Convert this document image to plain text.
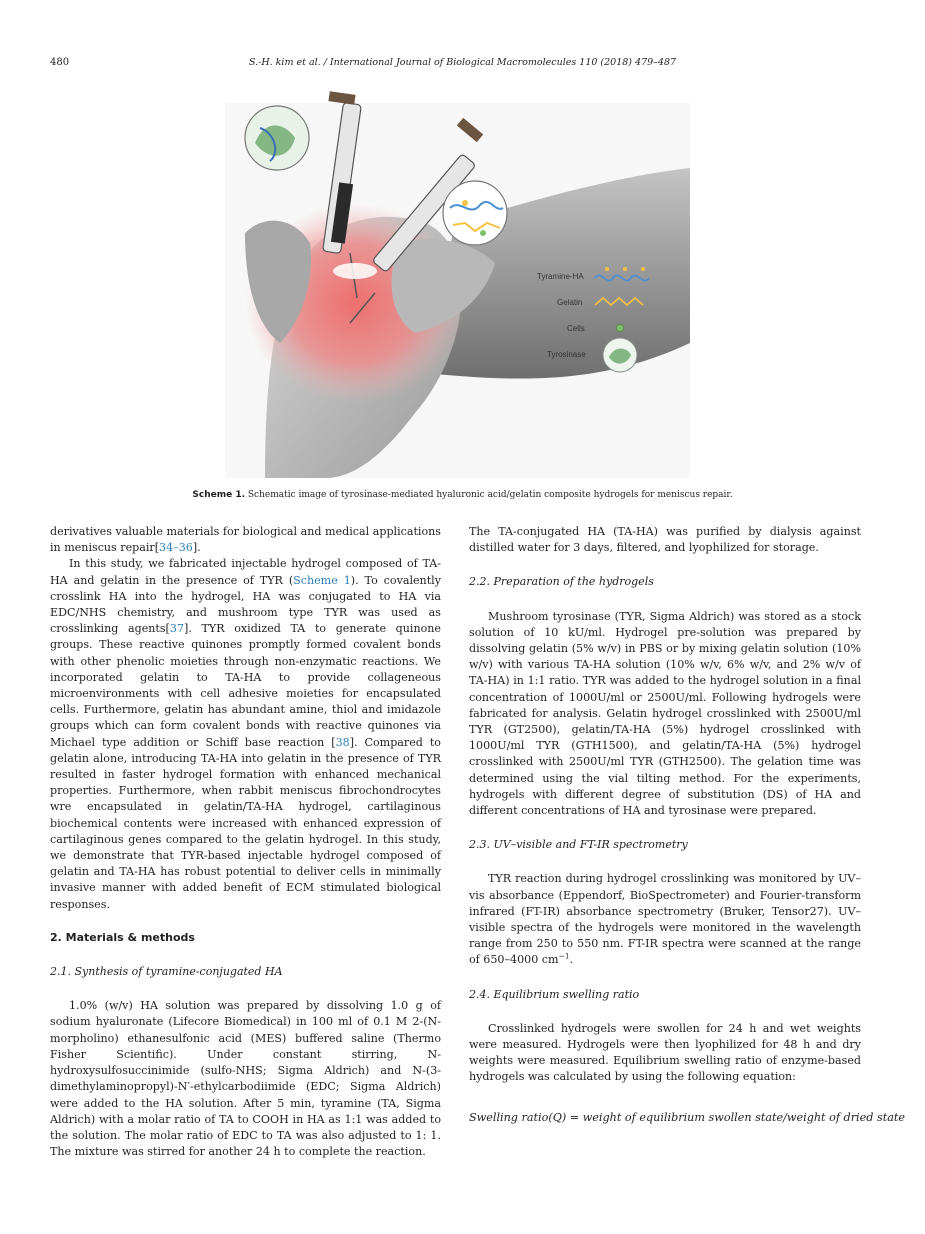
480	S.-H. kim et al. / International Journal of Biological Macromolecules 110 (2018) 479–487
Tyramine-HA
Gelatin
Cells
Tyrosinase
Scheme 1. Schematic image of tyrosinase-mediated hyaluronic acid/gelatin composite hydrogels for meniscus repair.

derivatives valuable materials for biological and medical applications in meniscus repair[34–36].

In this study, we fabricated injectable hydrogel composed of TA-HA and gelatin in the presence of TYR (Scheme 1). To covalently crosslink HA into the hydrogel, HA was conjugated to HA via EDC/NHS chemistry, and mushroom type TYR was used as crosslinking agents[37]. TYR oxidized TA to generate quinone groups. These reactive quinones promptly formed covalent bonds with other phenolic moieties through non-enzymatic reactions. We incorporated gelatin to TA-HA to provide collageneous microenvironments with cell adhesive moieties for encapsulated cells. Furthermore, gelatin has abundant amine, thiol and imidazole groups which can form covalent bonds with reactive quinones via Michael type addition or Schiff base reaction [38]. Compared to gelatin alone, introducing TA-HA into gelatin in the presence of TYR resulted in faster hydrogel formation with enhanced mechanical properties. Furthermore, when rabbit meniscus fibrochondrocytes wre encapsulated in gelatin/TA-HA hydrogel, cartilaginous biochemical contents were increased with enhanced expression of cartilaginous genes compared to the gelatin hydrogel. In this study, we demonstrate that TYR-based injectable hydrogel composed of gelatin and TA-HA has robust potential to deliver cells in minimally invasive manner with added benefit of ECM stimulated biological responses.

2. Materials & methods
2.1. Synthesis of tyramine-conjugated HA

1.0% (w/v) HA solution was prepared by dissolving 1.0 g of sodium hyaluronate (Lifecore Biomedical) in 100 ml of 0.1 M 2-(N-morpholino) ethanesulfonic acid (MES) buffered saline (Thermo Fisher Scientific). Under constant stirring, N-hydroxysulfosuccinimide (sulfo-NHS; Sigma Aldrich) and N-(3-dimethylaminopropyl)-N′-ethylcarbodiimide (EDC; Sigma Aldrich) were added to the HA solution. After 5 min, tyramine (TA, Sigma Aldrich) with a molar ratio of TA to COOH in HA as 1:1 was added to the solution. The molar ratio of EDC to TA was also adjusted to 1: 1. The mixture was stirred for another 24 h to complete the reaction.

The TA-conjugated HA (TA-HA) was purified by dialysis against distilled water for 3 days, filtered, and lyophilized for storage.

2.2. Preparation of the hydrogels

Mushroom tyrosinase (TYR, Sigma Aldrich) was stored as a stock solution of 10 kU/ml. Hydrogel pre-solution was prepared by dissolving gelatin (5% w/v) in PBS or by mixing gelatin solution (10% w/v) with various TA-HA solution (10% w/v, 6% w/v, and 2% w/v of TA-HA) in 1:1 ratio. TYR was added to the hydrogel solution in a final concentration of 1000U/ml or 2500U/ml. Following hydrogels were fabricated for analysis. Gelatin hydrogel crosslinked with 2500U/ml TYR (GT2500), gelatin/TA-HA (5%) hydrogel crosslinked with 1000U/ml TYR (GTH1500), and gelatin/TA-HA (5%) hydrogel crosslinked with 2500U/ml TYR (GTH2500). The gelation time was determined using the vial tilting method. For the experiments, hydrogels with different degree of substitution (DS) of HA and different concentrations of HA and tyrosinase were prepared.

2.3. UV–visible and FT-IR spectrometry

TYR reaction during hydrogel crosslinking was monitored by UV–vis absorbance (Eppendorf, BioSpectrometer) and Fourier-transform infrared (FT-IR) absorbance spectrometry (Bruker, Tensor27). UV–visible spectra of the hydrogels were monitored in the wavelength range from 250 to 550 nm. FT-IR spectra were scanned at the range of 650–4000 $cm^{-1}$.

2.4. Equilibrium swelling ratio

Crosslinked hydrogels were swollen for 24 h and wet weights were measured. Hydrogels were then lyophilized for 48 h and dry weights were measured. Equilibrium swelling ratio of enzyme-based hydrogels was calculated by using the following equation:

Swelling ratio(Q) = weight of equilibrium swollen state/weight of dried state
